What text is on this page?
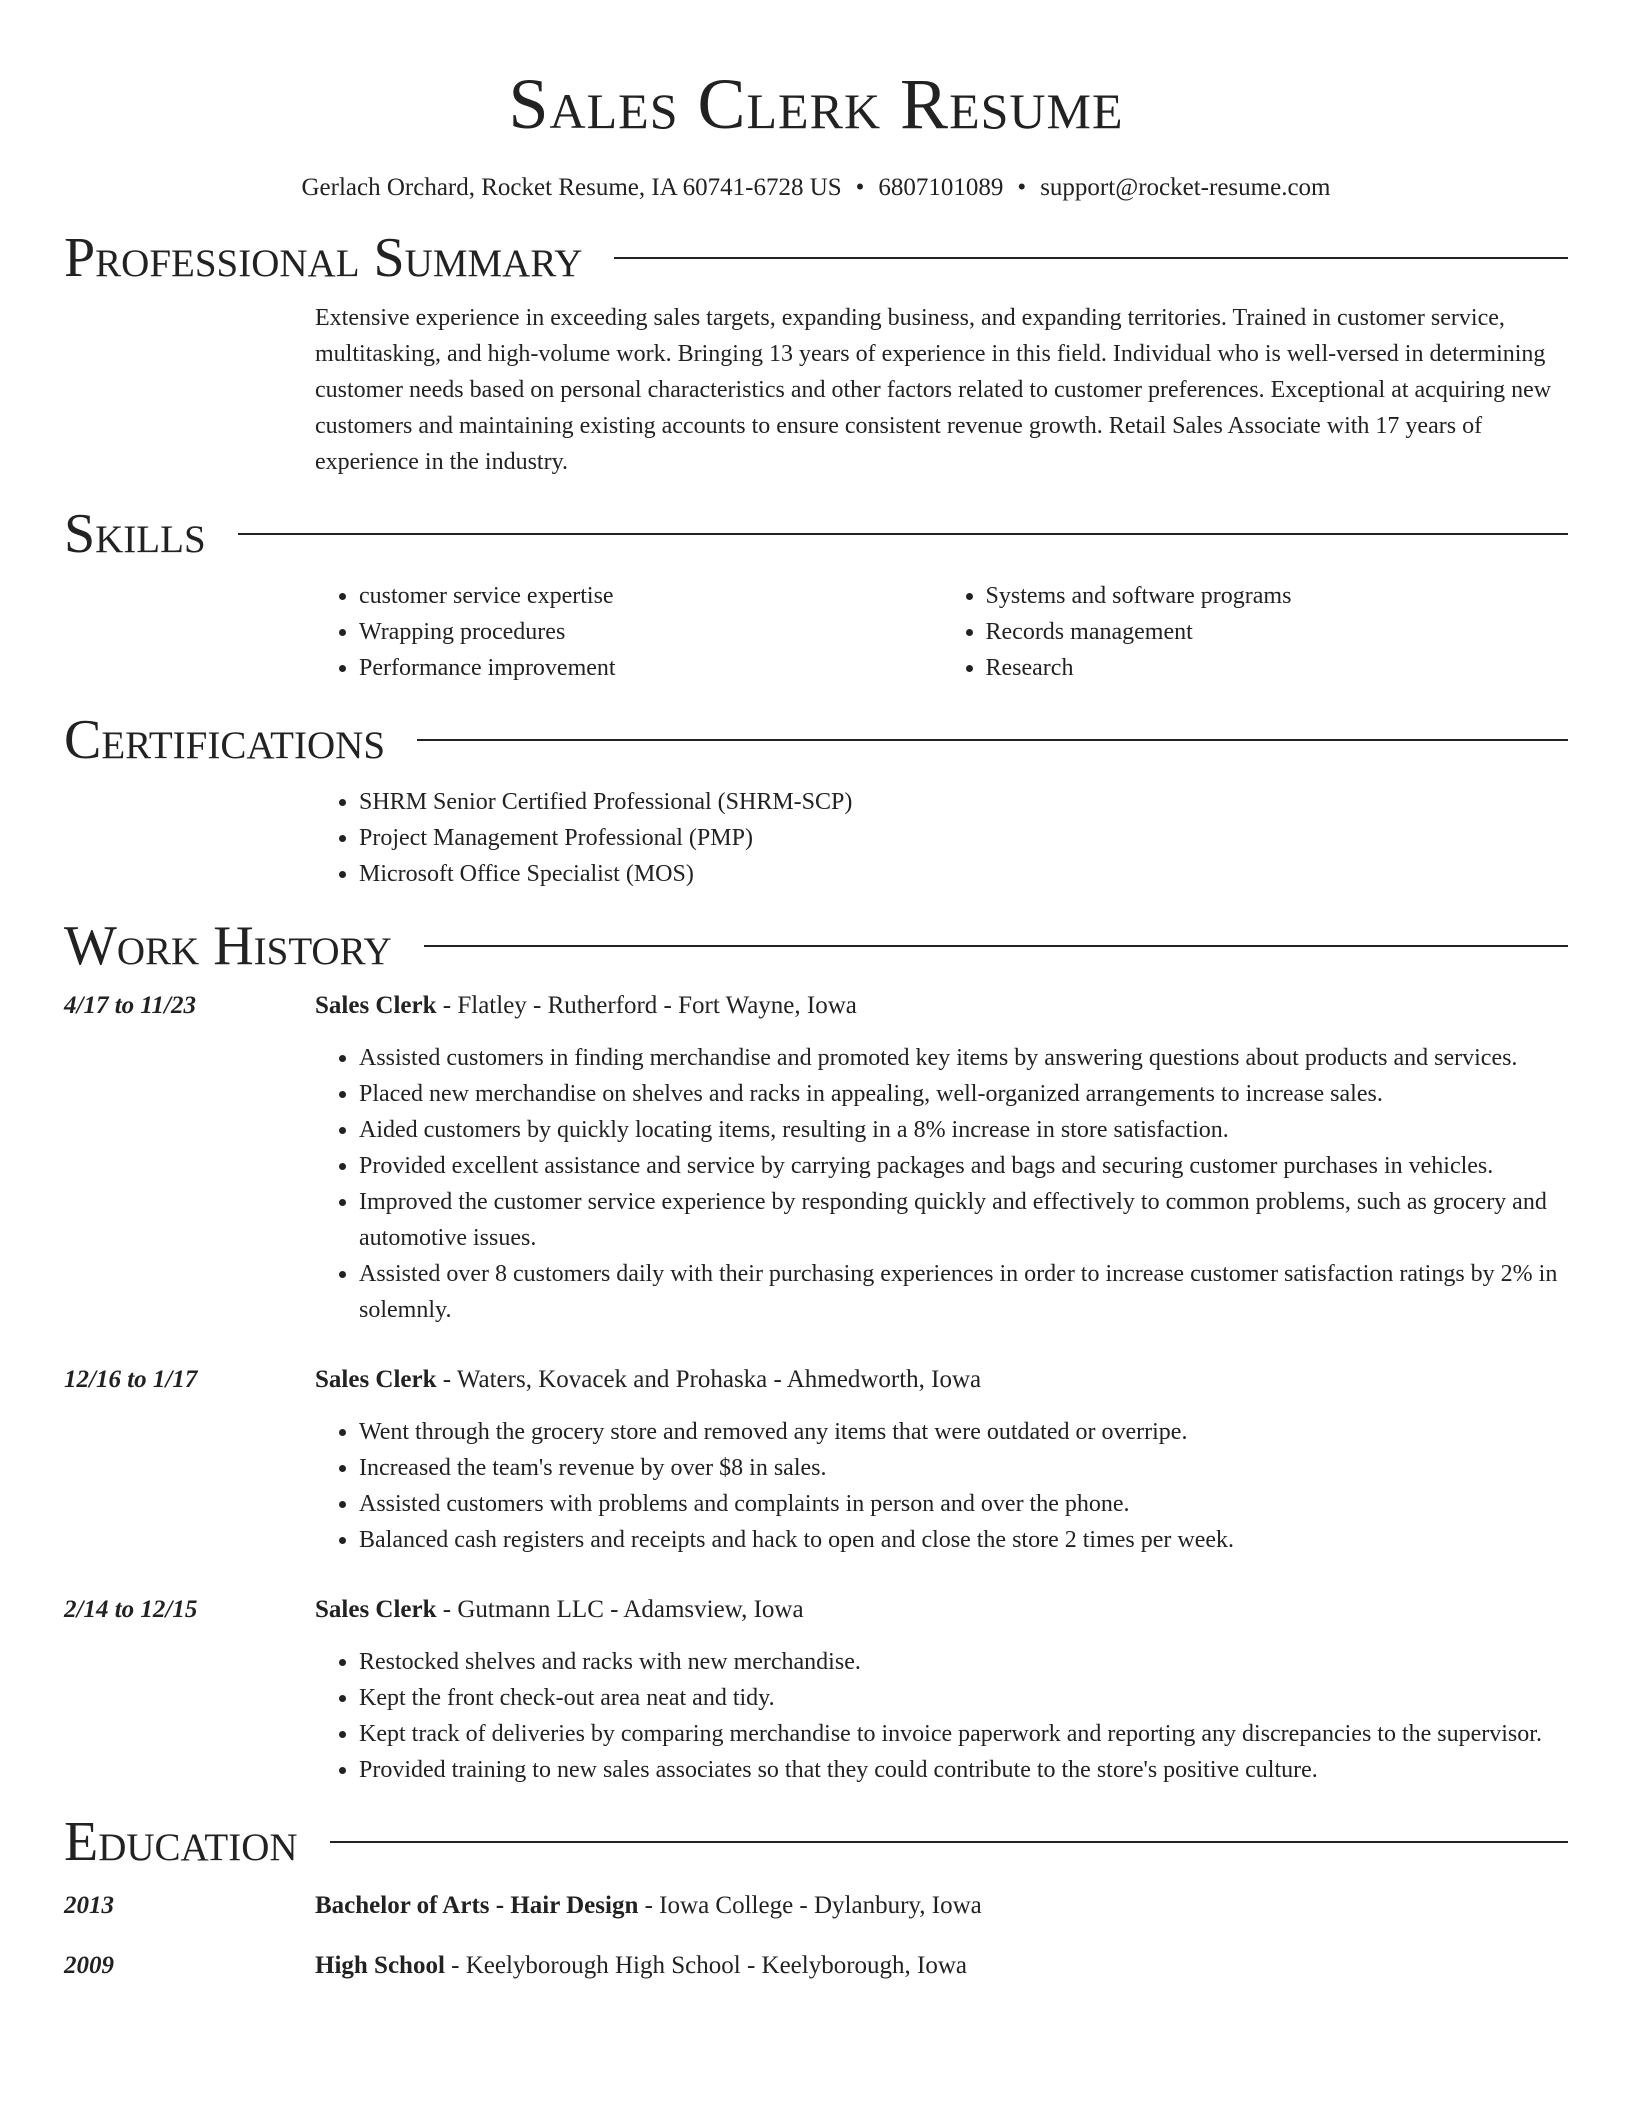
Sales Clerk Resume
Gerlach Orchard, Rocket Resume, IA 60741-6728 US • 6807101089 • support@rocket-resume.com
Professional Summary

Extensive experience in exceeding sales targets, expanding business, and expanding territories. Trained in customer service, multitasking, and high-volume work. Bringing 13 years of experience in this field. Individual who is well-versed in determining customer needs based on personal characteristics and other factors related to customer preferences. Exceptional at acquiring new customers and maintaining existing accounts to ensure consistent revenue growth. Retail Sales Associate with 17 years of experience in the industry.

Skills
• customer service expertise
• Wrapping procedures
• Performance improvement
• Systems and software programs
• Records management
• Research
Certifications
• SHRM Senior Certified Professional (SHRM-SCP)
• Project Management Professional (PMP)
• Microsoft Office Specialist (MOS)
Work History
4/17 to 11/23	Sales Clerk - Flatley - Rutherford - Fort Wayne, Iowa
• Assisted customers in finding merchandise and promoted key items by answering questions about products and services.
• Placed new merchandise on shelves and racks in appealing, well-organized arrangements to increase sales.
• Aided customers by quickly locating items, resulting in a 8% increase in store satisfaction.
• Provided excellent assistance and service by carrying packages and bags and securing customer purchases in vehicles.
• Improved the customer service experience by responding quickly and effectively to common problems, such as grocery and automotive issues.
• Assisted over 8 customers daily with their purchasing experiences in order to increase customer satisfaction ratings by 2% in solemnly.
12/16 to 1/17	Sales Clerk - Waters, Kovacek and Prohaska - Ahmedworth, Iowa
• Went through the grocery store and removed any items that were outdated or overripe.
• Increased the team's revenue by over $8 in sales.
• Assisted customers with problems and complaints in person and over the phone.
• Balanced cash registers and receipts and hack to open and close the store 2 times per week.
2/14 to 12/15	Sales Clerk - Gutmann LLC - Adamsview, Iowa
• Restocked shelves and racks with new merchandise.
• Kept the front check-out area neat and tidy.
• Kept track of deliveries by comparing merchandise to invoice paperwork and reporting any discrepancies to the supervisor.
• Provided training to new sales associates so that they could contribute to the store's positive culture.
Education
2013	Bachelor of Arts - Hair Design - Iowa College - Dylanbury, Iowa
2009	High School - Keelyborough High School - Keelyborough, Iowa
